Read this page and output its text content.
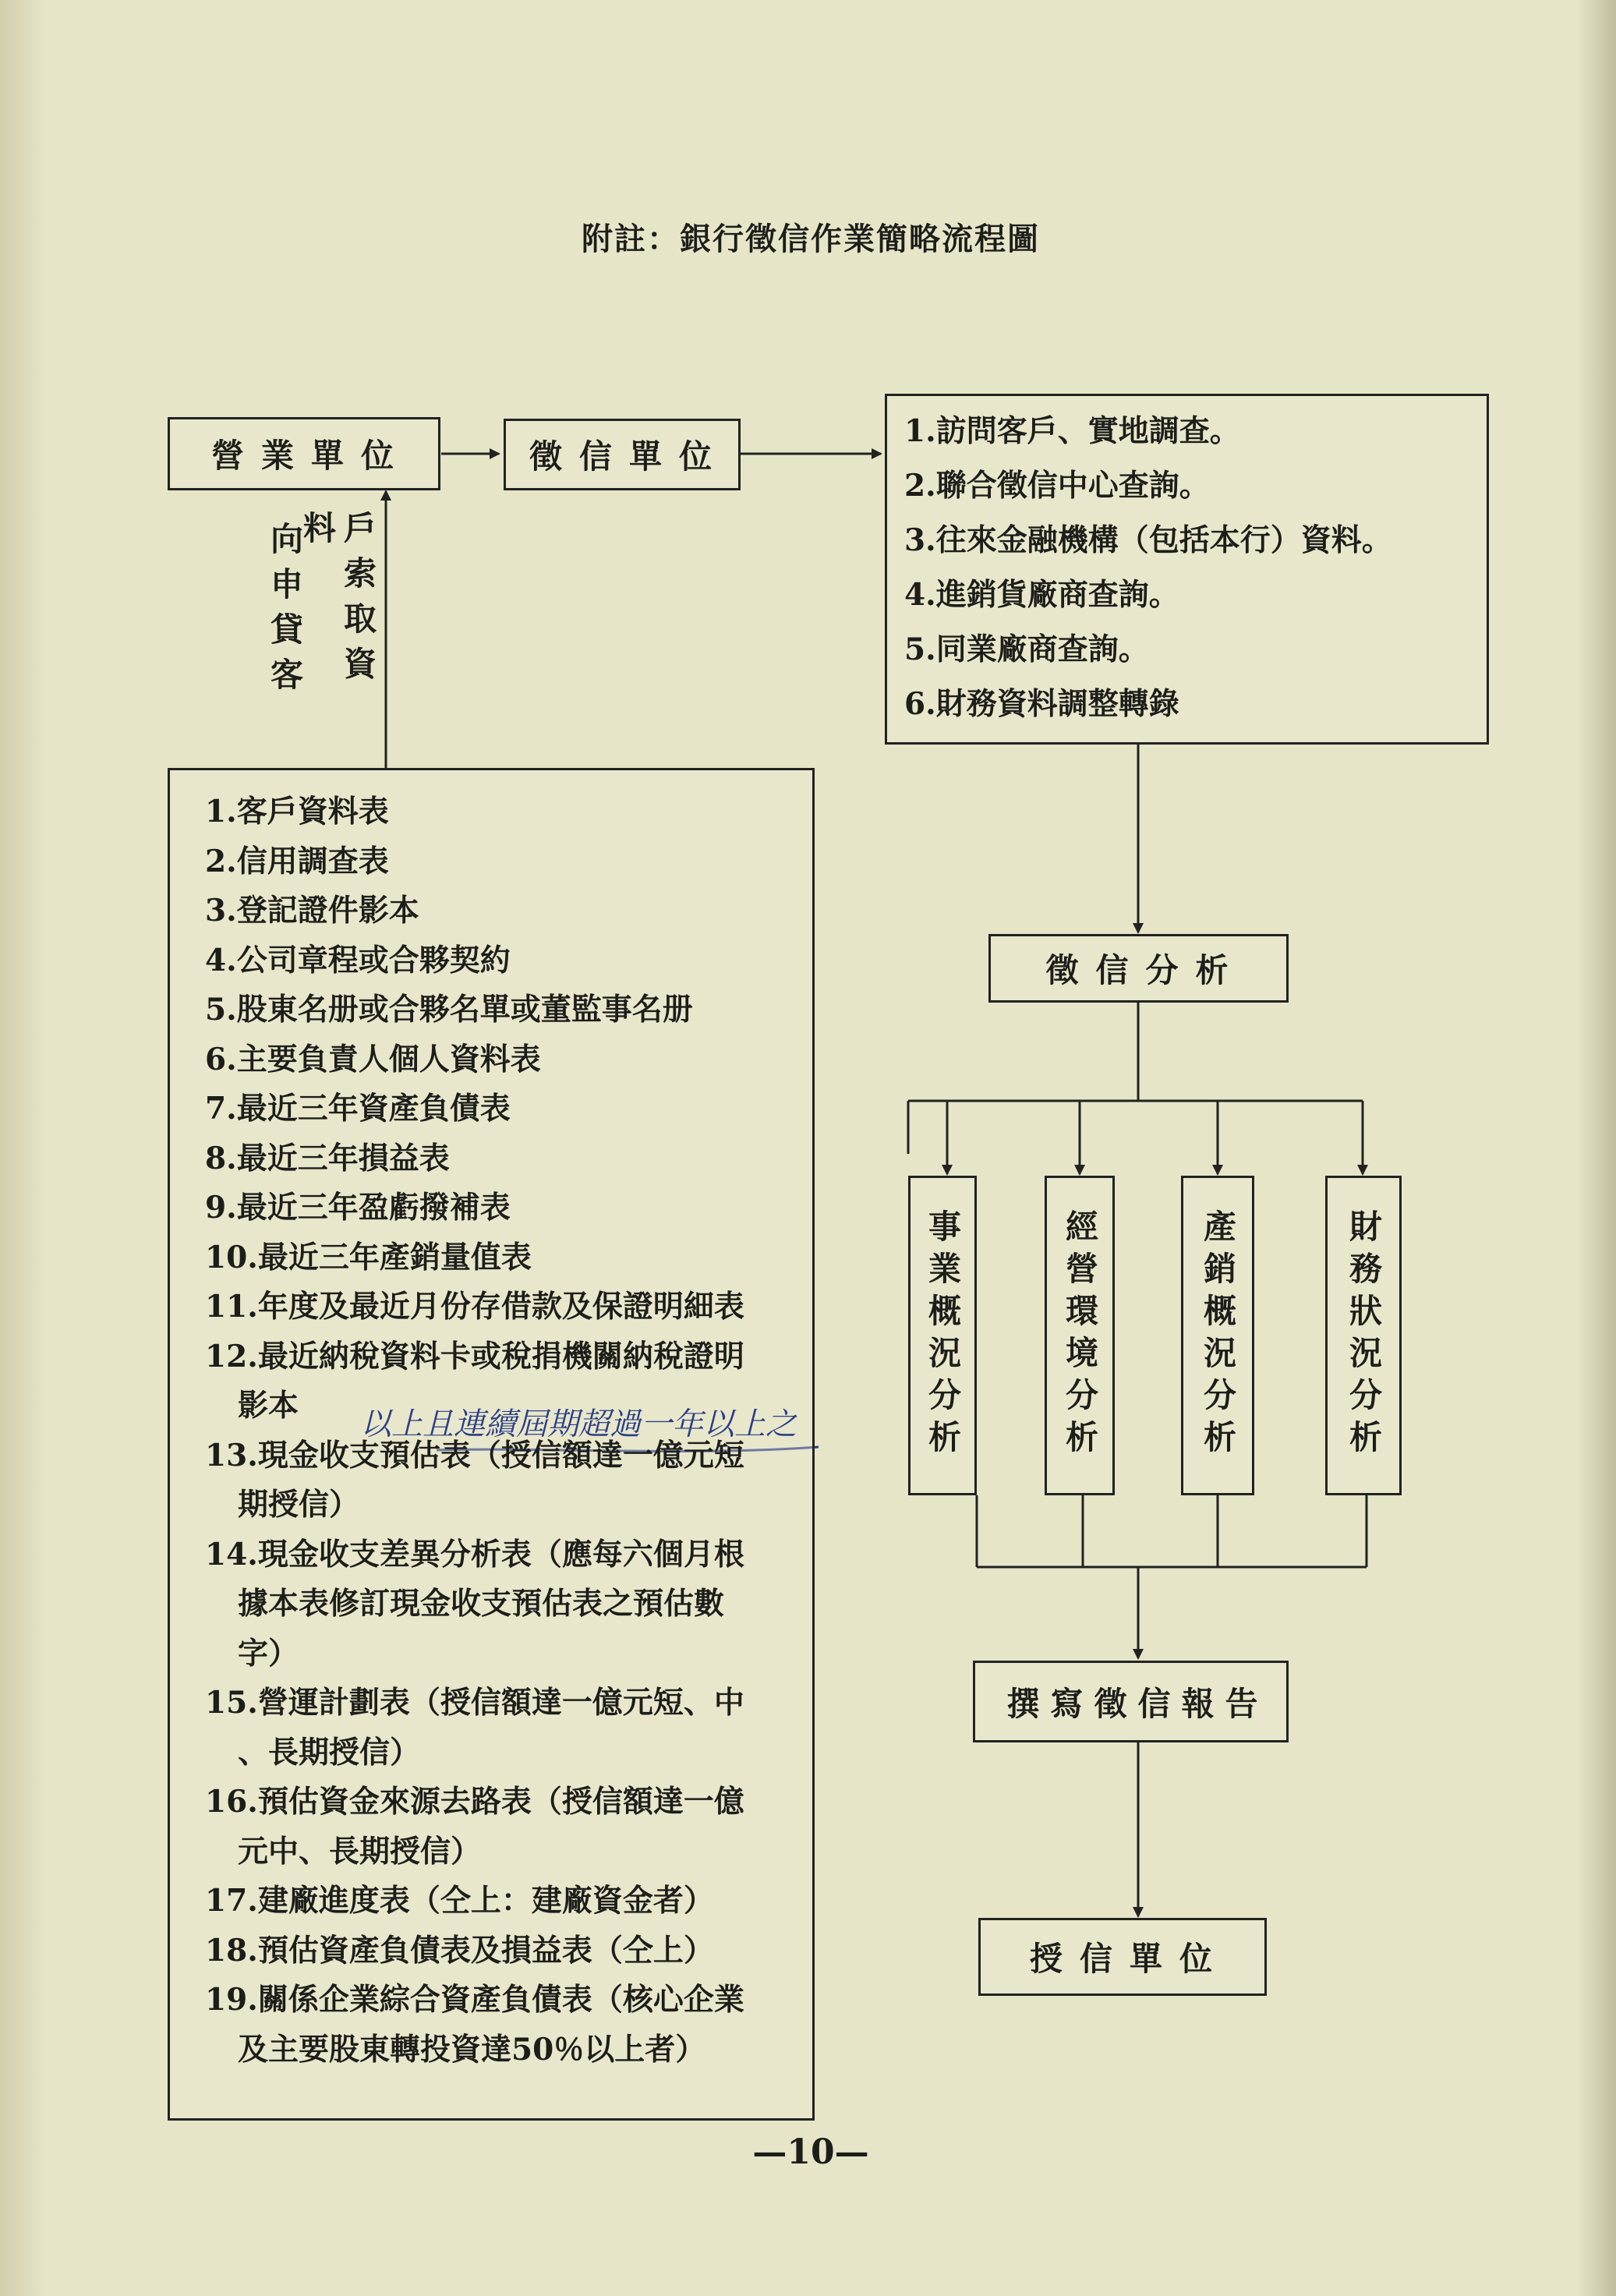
附註：銀行徵信作業簡略流程圖
營業單位	徵信單位
向申貸客	戶索取資料
1.訪問客戶、實地調查。
2.聯合徵信中心查詢。
3.往來金融機構（包括本行）資料。
4.進銷貨廠商查詢。
5.同業廠商查詢。
6.財務資料調整轉錄
徵信分析
事業概況分析	經營環境分析	產銷概況分析	財務狀況分析
撰寫徵信報告
授信單位
1.客戶資料表
2.信用調查表
3.登記證件影本
4.公司章程或合夥契約
5.股東名册或合夥名單或董監事名册
6.主要負責人個人資料表
7.最近三年資產負債表
8.最近三年損益表
9.最近三年盈虧撥補表
10.最近三年產銷量值表
11.年度及最近月份存借款及保證明細表
12.最近納稅資料卡或稅捐機關納稅證明
影本
13.現金收支預估表（授信額達一億元短
期授信）
14.現金收支差異分析表（應每六個月根
據本表修訂現金收支預估表之預估數
字）
15.營運計劃表（授信額達一億元短、中
、長期授信）
16.預估資金來源去路表（授信額達一億
元中、長期授信）
17.建廠進度表（仝上：建廠資金者）
18.預估資產負債表及損益表（仝上）
19.關係企業綜合資產負債表（核心企業
及主要股東轉投資達50％以上者）
以上且連續屆期超過一年以上之
—10—
